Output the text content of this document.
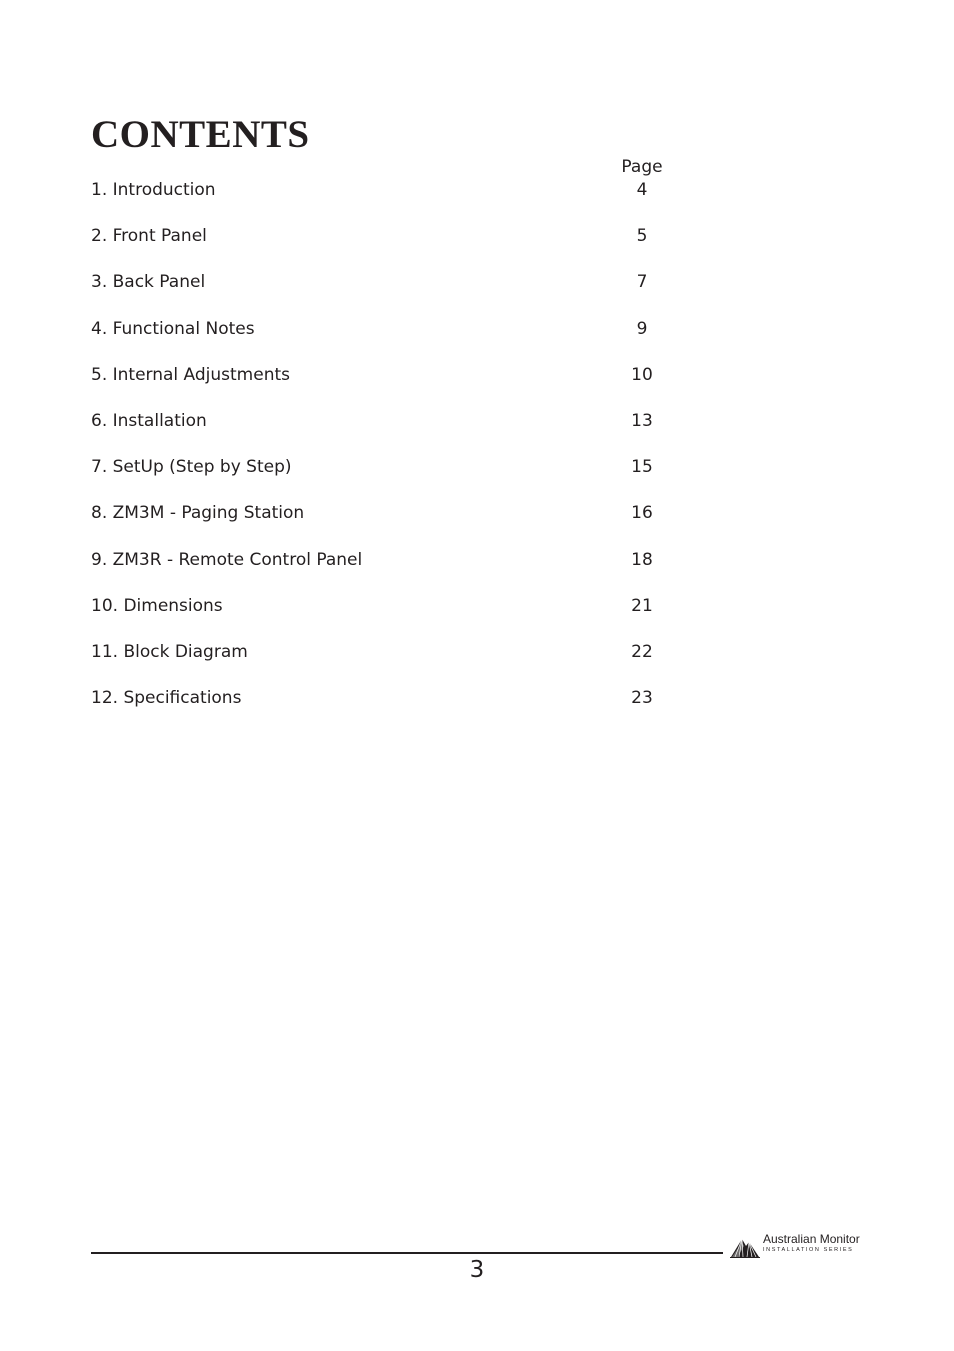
CONTENTS
Page
1. Introduction	4
2. Front Panel	5
3. Back Panel	7
4. Functional Notes	9
5. Internal Adjustments	10
6. Installation	13
7. SetUp (Step by Step)	15
8. ZM3M - Paging Station	16
9. ZM3R - Remote Control Panel	18
10. Dimensions	21
11. Block Diagram	22
12. Specifications	23
3
Australian Monitor
INSTALLATION SERIES
